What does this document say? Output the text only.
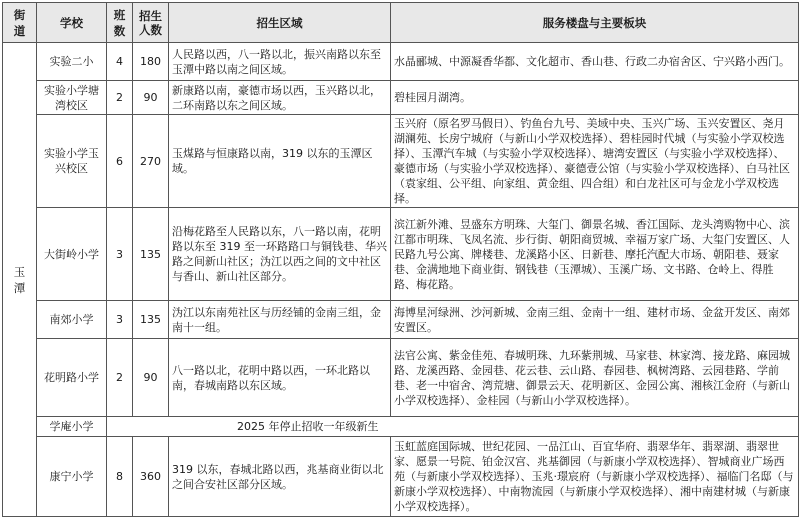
街道	学校	班数	招生人数	招生区域	服务楼盘与主要板块
玉潭	实验二小	4	180	人民路以西，八一路以北，振兴南路以东至玉潭中路以南之间区域。	水晶郦城、中源凝香华都、文化超市、香山巷、行政二办宿舍区、宁兴路小西门。
	实验小学塘湾校区	2	90	新康路以南，豪德市场以西，玉兴路以北，二环南路以东之间区域。	碧桂园月湖湾。
	实验小学玉兴校区	6	270	玉煤路与恒康路以南，319 以东的玉潭区域。	玉兴府（原名罗马假日）、钓鱼台九号、美域中央、玉兴广场、玉兴安置区、尧月湖澜苑、长房宁城府（与新山小学双校选择）、碧桂园时代城（与实验小学双校选择）、玉潭汽车城（与实验小学双校选择）、塘湾安置区（与实验小学双校选择）、豪德市场（与实验小学双校选择）、豪德壹公馆（与实验小学双校选择）、白马社区（袁家组、公平组、向家组、黄金组、四合组）和白龙社区可与金龙小学双校选择。
	大街岭小学	3	135	沿梅花路至人民路以东，八一路以南，花明路以东至 319 至一环路路口与铜钱巷、华兴路之间新山社区；沩江以西之间的文中社区与香山、新山社区部分。	滨江新外滩、昱盛东方明珠、大玺门、御景名城、香江国际、龙头湾购物中心、滨江都市明珠、飞凤名流、步行街、朝阳商贸城、幸福万家广场、大玺门安置区、人民路九号公寓、牌楼巷、龙溪路小区、日新巷、摩托汽配大市场、朝阳巷、聂家巷、金满地地下商业街、钢钱巷（玉潭城）、玉溪广场、文书路、仓岭上、得胜路、梅花路。
	南郊小学	3	135	沩江以东南苑社区与历经铺的金南三组，金南十一组。	海博星河绿洲、沙河新城、金南三组、金南十一组、建材市场、金盆开发区、南郊安置区。
	花明路小学	2	90	八一路以北，花明中路以西，一环北路以南，春城南路以东区域。	法官公寓、紫金佳苑、春城明珠、九环紫荆城、马家巷、林家湾、接龙路、麻园城路、龙溪西路、金园巷、花云巷、云山路、春园巷、枫树湾路、云园巷路、学前巷、老一中宿舍、湾荒塘、御景云天、花明新区、金园公寓、湘核江金府（与新山小学双校选择）、金桂园（与新山小学双校选择）。
	学庵小学	2025 年停止招收一年级新生			
	康宁小学	8	360	319 以东，春城北路以西，兆基商业街以北之间合安社区部分区域。	玉虹蓝庭国际城、世纪花园、一品江山、百宜华府、翡翠华年、翡翠湖、翡翠世家、愿景一号院、铂金汉宫、兆基御园（与新康小学双校选择）、智城商业广场西苑（与新康小学双校选择）、玉兆·璟宸府（与新康小学双校选择）、福临门名邸（与新康小学双校选择）、中南物流园（与新康小学双校选择）、湘中南建材城（与新康小学双校选择）。
